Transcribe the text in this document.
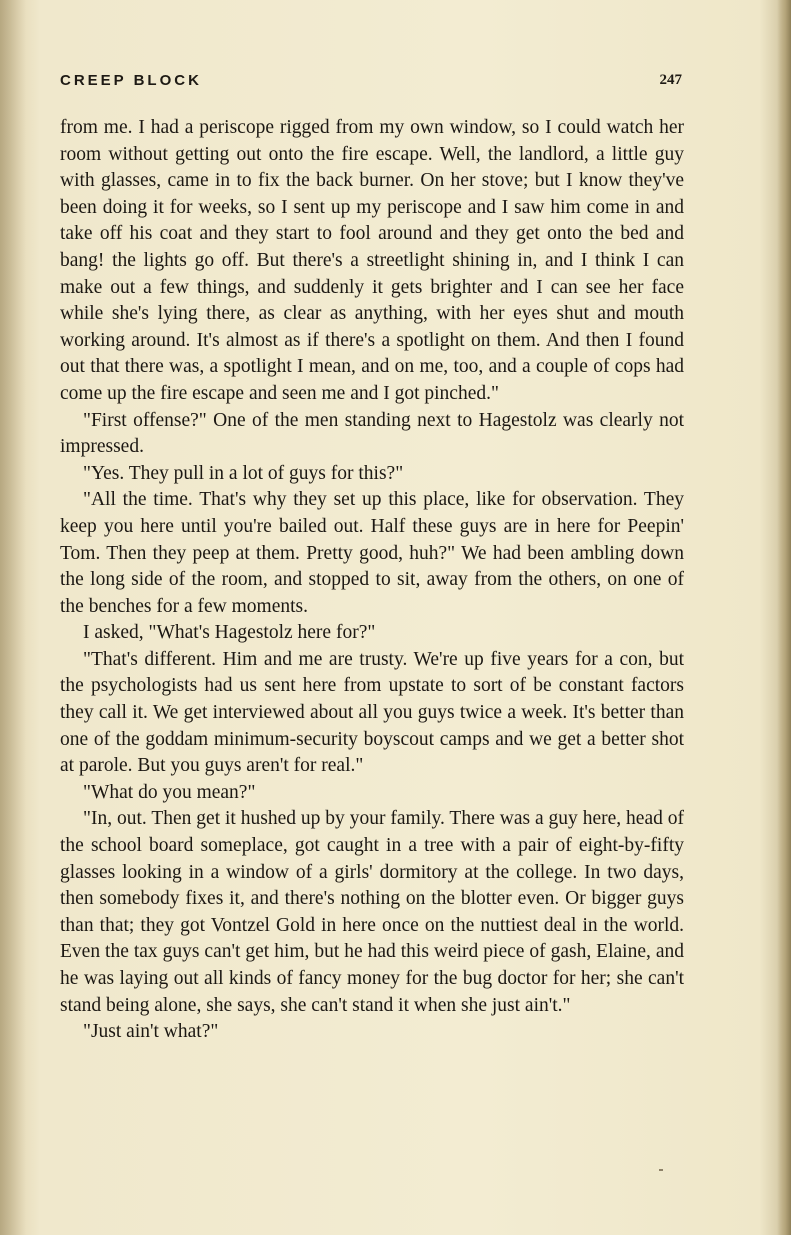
CREEP BLOCK	247

from me. I had a periscope rigged from my own window, so I could watch her room without getting out onto the fire escape. Well, the landlord, a little guy with glasses, came in to fix the back burner. On her stove; but I know they've been doing it for weeks, so I sent up my periscope and I saw him come in and take off his coat and they start to fool around and they get onto the bed and bang! the lights go off. But there's a streetlight shining in, and I think I can make out a few things, and suddenly it gets brighter and I can see her face while she's lying there, as clear as anything, with her eyes shut and mouth working around. It's almost as if there's a spotlight on them. And then I found out that there was, a spotlight I mean, and on me, too, and a couple of cops had come up the fire escape and seen me and I got pinched."

"First offense?" One of the men standing next to Hagestolz was clearly not impressed.

"Yes. They pull in a lot of guys for this?"

"All the time. That's why they set up this place, like for observation. They keep you here until you're bailed out. Half these guys are in here for Peepin' Tom. Then they peep at them. Pretty good, huh?" We had been ambling down the long side of the room, and stopped to sit, away from the others, on one of the benches for a few moments.

I asked, "What's Hagestolz here for?"

"That's different. Him and me are trusty. We're up five years for a con, but the psychologists had us sent here from upstate to sort of be constant factors they call it. We get interviewed about all you guys twice a week. It's better than one of the goddam minimum-security boyscout camps and we get a better shot at parole. But you guys aren't for real."

"What do you mean?"

"In, out. Then get it hushed up by your family. There was a guy here, head of the school board someplace, got caught in a tree with a pair of eight-by-fifty glasses looking in a window of a girls' dormitory at the college. In two days, then somebody fixes it, and there's nothing on the blotter even. Or bigger guys than that; they got Vontzel Gold in here once on the nuttiest deal in the world. Even the tax guys can't get him, but he had this weird piece of gash, Elaine, and he was laying out all kinds of fancy money for the bug doctor for her; she can't stand being alone, she says, she can't stand it when she just ain't."

"Just ain't what?"
